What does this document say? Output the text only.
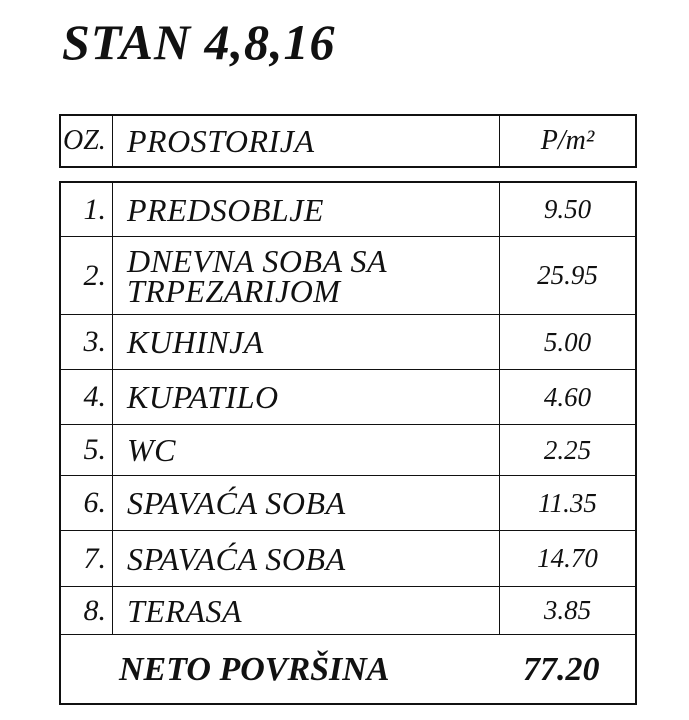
STAN 4,8,16
OZ. PROSTORIJA	P/m²
1. PREDSOBLJE	9.50
2. DNEVNA SOBA SA TRPEZARIJOM	25.95
3. KUHINJA	5.00
4. KUPATILO	4.60
5. WC	2.25
6. SPAVAĆA SOBA	11.35
7. SPAVAĆA SOBA	14.70
8. TERASA	3.85
NETO POVRŠINA	77.20
